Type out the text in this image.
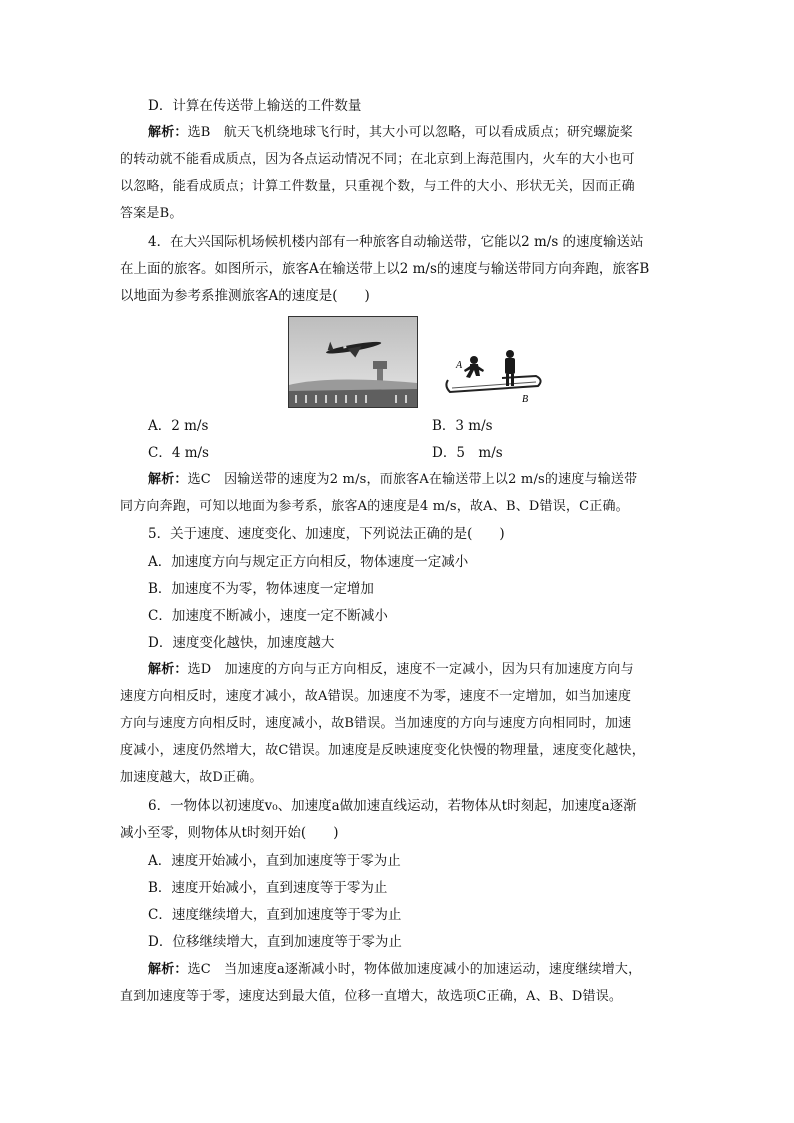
D．计算在传送带上输送的工件数量
解析：选B　航天飞机绕地球飞行时，其大小可以忽略，可以看成质点；研究螺旋桨
的转动就不能看成质点，因为各点运动情况不同；在北京到上海范围内，火车的大小也可
以忽略，能看成质点；计算工件数量，只重视个数，与工件的大小、形状无关，因而正确
答案是B。
4．在大兴国际机场候机楼内部有一种旅客自动输送带，它能以2 m/s 的速度输送站
在上面的旅客。如图所示，旅客A在输送带上以2 m/s的速度与输送带同方向奔跑，旅客B
以地面为参考系推测旅客A的速度是(　　)
A
B
A．2 m/s	B．3 m/s
C．4 m/s	D．5　m/s
解析：选C　因输送带的速度为2 m/s，而旅客A在输送带上以2 m/s的速度与输送带
同方向奔跑，可知以地面为参考系，旅客A的速度是4 m/s，故A、B、D错误，C正确。
5．关于速度、速度变化、加速度，下列说法正确的是(　　)
A．加速度方向与规定正方向相反，物体速度一定减小
B．加速度不为零，物体速度一定增加
C．加速度不断减小，速度一定不断减小
D．速度变化越快，加速度越大
解析：选D　加速度的方向与正方向相反，速度不一定减小，因为只有加速度方向与
速度方向相反时，速度才减小，故A错误。加速度不为零，速度不一定增加，如当加速度
方向与速度方向相反时，速度减小，故B错误。当加速度的方向与速度方向相同时，加速
度减小，速度仍然增大，故C错误。加速度是反映速度变化快慢的物理量，速度变化越快，
加速度越大，故D正确。
6．一物体以初速度v₀、加速度a做加速直线运动，若物体从t时刻起，加速度a逐渐
减小至零，则物体从t时刻开始(　　)
A．速度开始减小，直到加速度等于零为止
B．速度开始减小，直到速度等于零为止
C．速度继续增大，直到加速度等于零为止
D．位移继续增大，直到加速度等于零为止
解析：选C　当加速度a逐渐减小时，物体做加速度减小的加速运动，速度继续增大，
直到加速度等于零，速度达到最大值，位移一直增大，故选项C正确，A、B、D错误。
